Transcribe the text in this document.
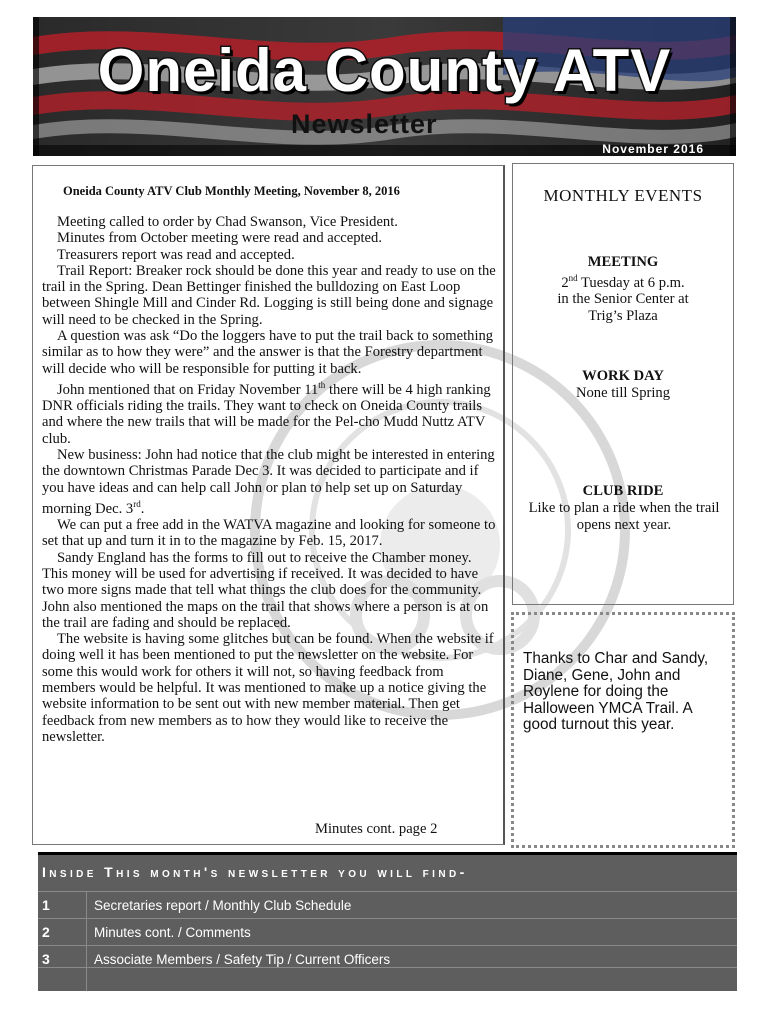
Oneida County ATV
Newsletter
November 2016
Oneida County ATV Club Monthly Meeting, November 8, 2016

Meeting called to order by Chad Swanson, Vice President.

Minutes from October meeting were read and accepted.

Treasurers report was read and accepted.

Trail Report: Breaker rock should be done this year and ready to use on the trail in the Spring. Dean Bettinger finished the bulldozing on East Loop between Shingle Mill and Cinder Rd. Logging is still being done and signage will need to be checked in the Spring.

A question was ask “Do the loggers have to put the trail back to something similar as to how they were” and the answer is that the Forestry department will decide who will be responsible for putting it back.

John mentioned that on Friday November 11th there will be 4 high ranking DNR officials riding the trails. They want to check on Oneida County trails and where the new trails that will be made for the Pel-cho Mudd Nuttz ATV club.

New business: John had notice that the club might be interested in entering the downtown Christmas Parade Dec 3. It was decided to participate and if you have ideas and can help call John or plan to help set up on Saturday morning Dec. 3rd.

We can put a free add in the WATVA magazine and looking for someone to set that up and turn it in to the magazine by Feb. 15, 2017.

Sandy England has the forms to fill out to receive the Chamber money. This money will be used for advertising if received. It was decided to have two more signs made that tell what things the club does for the community. John also mentioned the maps on the trail that shows where a person is at on the trail are fading and should be replaced.

The website is having some glitches but can be found. When the website if doing well it has been mentioned to put the newsletter on the website. For some this would work for others it will not, so having feedback from members would be helpful. It was mentioned to make up a notice giving the website information to be sent out with new member material. Then get feedback from new members as to how they would like to receive the newsletter.

Minutes cont. page 2
MONTHLY EVENTS
MEETING
2nd Tuesday at 6 p.m.
in the Senior Center at
Trig’s Plaza
WORK DAY
None till Spring
CLUB RIDE
Like to plan a ride when the trail opens next year.
Thanks to Char and Sandy, Diane, Gene, John and Roylene for doing the Halloween YMCA Trail. A good turnout this year.
Inside This month's newsletter you will find-
1	Secretaries report / Monthly Club Schedule
2	Minutes cont. / Comments
3	Associate Members / Safety Tip / Current Officers
